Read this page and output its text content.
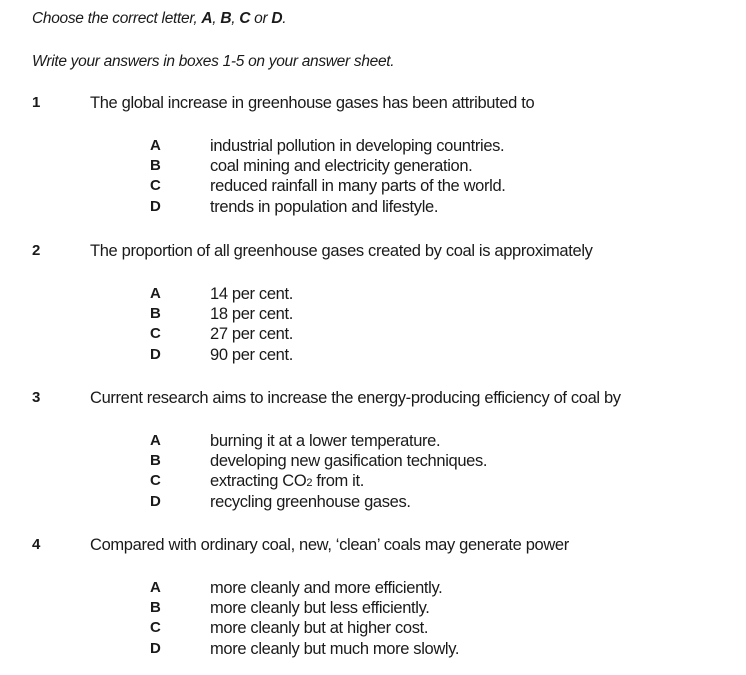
Choose the correct letter, A, B, C or D.
Write your answers in boxes 1-5 on your answer sheet.
1	The global increase in greenhouse gases has been attributed to
A	industrial pollution in developing countries.
B	coal mining and electricity generation.
C	reduced rainfall in many parts of the world.
D	trends in population and lifestyle.
2	The proportion of all greenhouse gases created by coal is approximately
A	14 per cent.
B	18 per cent.
C	27 per cent.
D	90 per cent.
3	Current research aims to increase the energy-producing efficiency of coal by
A	burning it at a lower temperature.
B	developing new gasification techniques.
C	extracting CO2 from it.
D	recycling greenhouse gases.
4	Compared with ordinary coal, new, ‘clean’ coals may generate power
A	more cleanly and more efficiently.
B	more cleanly but less efficiently.
C	more cleanly but at higher cost.
D	more cleanly but much more slowly.
